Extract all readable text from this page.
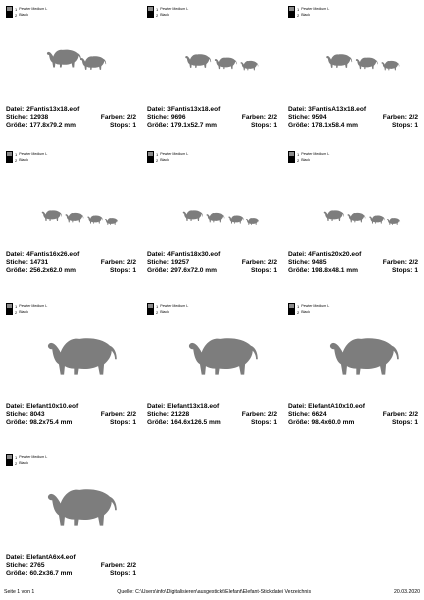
1 Pewter Medium L
2 Black
Datei: 2Fantis13x18.eof
Stiche: 12938	Farben: 2/2
Größe: 177.8x79.2 mm	Stops: 1
1 Pewter Medium L
2 Black
Datei: 3Fantis13x18.eof
Stiche: 9696	Farben: 2/2
Größe: 179.1x52.7 mm	Stops: 1
1 Pewter Medium L
2 Black
Datei: 3FantisA13x18.eof
Stiche: 9594	Farben: 2/2
Größe: 178.1x58.4 mm	Stops: 1
1 Pewter Medium L
2 Black
Datei: 4Fantis16x26.eof
Stiche: 14731	Farben: 2/2
Größe: 256.2x62.0 mm	Stops: 1
1 Pewter Medium L
2 Black
Datei: 4Fantis18x30.eof
Stiche: 19257	Farben: 2/2
Größe: 297.6x72.0 mm	Stops: 1
1 Pewter Medium L
2 Black
Datei: 4Fantis20x20.eof
Stiche: 9485	Farben: 2/2
Größe: 198.8x48.1 mm	Stops: 1
1 Pewter Medium L
2 Black
Datei: Elefant10x10.eof
Stiche: 8043	Farben: 2/2
Größe: 98.2x75.4 mm	Stops: 1
1 Pewter Medium L
2 Black
Datei: Elefant13x18.eof
Stiche: 21228	Farben: 2/2
Größe: 164.6x126.5 mm	Stops: 1
1 Pewter Medium L
2 Black
Datei: ElefantA10x10.eof
Stiche: 6624	Farben: 2/2
Größe: 98.4x60.0 mm	Stops: 1
1 Pewter Medium L
2 Black
Datei: ElefantA6x4.eof
Stiche: 2765	Farben: 2/2
Größe: 60.2x36.7 mm	Stops: 1
Seite 1 von 1	Quelle: C:\Users\info\Digitalisieren\ausgestickt\Elefant\Elefant-Stickdatei Verzeichnis	20.03.2020
